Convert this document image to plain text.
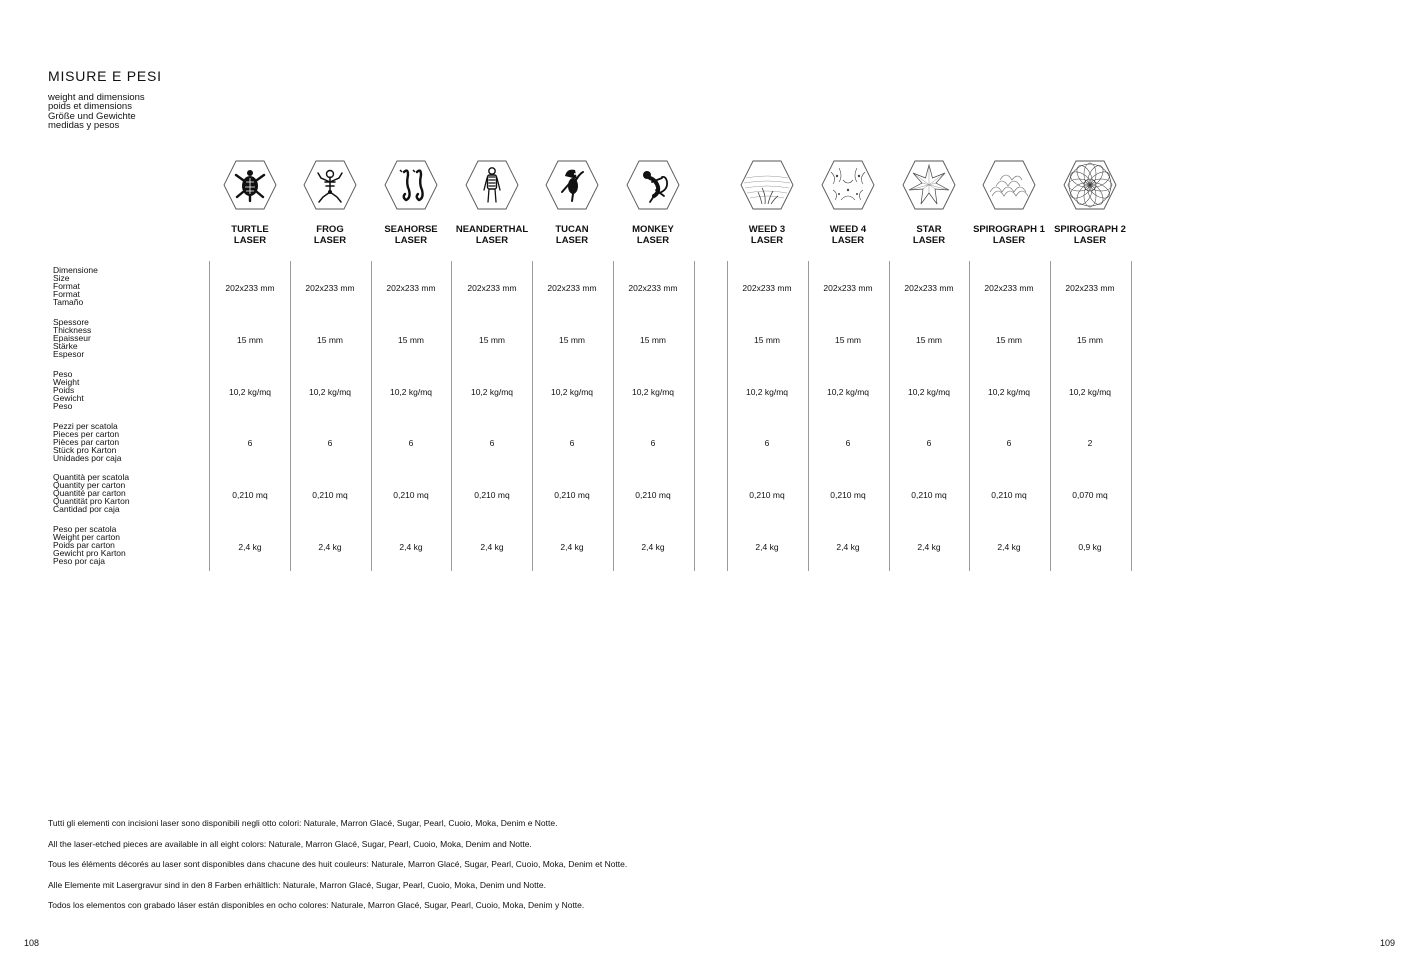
MISURE E PESI
weight and dimensions
poids et dimensions
Größe und Gewichte
medidas y pesos
Dimensione
Size
Format
Format
Tamaño
Spessore
Thickness
Epaisseur
Stärke
Espesor
Peso
Weight
Poids
Gewicht
Peso
Pezzi per scatola
Pieces per carton
Pièces par carton
Stück pro Karton
Unidades por caja
Quantità per scatola
Quantity per carton
Quantité par carton
Quantität pro Karton
Cantidad por caja
Peso per scatola
Weight per carton
Poids par carton
Gewicht pro Karton
Peso por caja
TURTLE
LASER
202x233 mm
15 mm
10,2 kg/mq
6
0,210 mq
2,4 kg
FROG
LASER
202x233 mm
15 mm
10,2 kg/mq
6
0,210 mq
2,4 kg
SEAHORSE
LASER
202x233 mm
15 mm
10,2 kg/mq
6
0,210 mq
2,4 kg
NEANDERTHAL
LASER
202x233 mm
15 mm
10,2 kg/mq
6
0,210 mq
2,4 kg
TUCAN
LASER
202x233 mm
15 mm
10,2 kg/mq
6
0,210 mq
2,4 kg
MONKEY
LASER
202x233 mm
15 mm
10,2 kg/mq
6
0,210 mq
2,4 kg
WEED 3
LASER
202x233 mm
15 mm
10,2 kg/mq
6
0,210 mq
2,4 kg
WEED 4
LASER
202x233 mm
15 mm
10,2 kg/mq
6
0,210 mq
2,4 kg
STAR
LASER
202x233 mm
15 mm
10,2 kg/mq
6
0,210 mq
2,4 kg
SPIROGRAPH 1
LASER
202x233 mm
15 mm
10,2 kg/mq
6
0,210 mq
2,4 kg
SPIROGRAPH 2
LASER
202x233 mm
15 mm
10,2 kg/mq
2
0,070 mq
0,9 kg
Tutti gli elementi con incisioni laser sono disponibili negli otto colori: Naturale, Marron Glacé, Sugar, Pearl, Cuoio, Moka, Denim e Notte.
All the laser-etched pieces are available in all eight colors: Naturale, Marron Glacé, Sugar, Pearl, Cuoio, Moka, Denim and Notte.
Tous les éléments décorés au laser sont disponibles dans chacune des huit couleurs: Naturale, Marron Glacé, Sugar, Pearl, Cuoio, Moka, Denim et Notte.
Alle Elemente mit Lasergravur sind in den 8 Farben erhältlich: Naturale, Marron Glacé, Sugar, Pearl, Cuoio, Moka, Denim und Notte.
Todos los elementos con grabado láser están disponibles en ocho colores: Naturale, Marron Glacé, Sugar, Pearl, Cuoio, Moka, Denim y Notte.
108	109
